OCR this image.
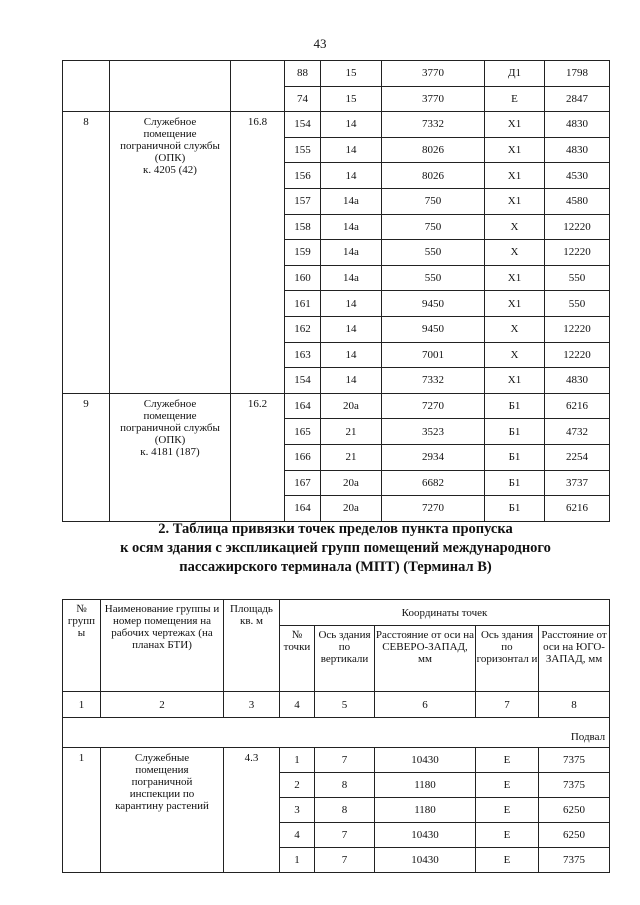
43
			88	15	3770	Д1	1798
			74	15	3770	Е	2847
8	Служебное
помещение
пограничной службы
(ОПК)
к. 4205 (42)	16.8	154	14	7332	Х1	4830
			155	14	8026	Х1	4830
			156	14	8026	Х1	4530
			157	14а	750	Х1	4580
			158	14а	750	Х	12220
			159	14а	550	Х	12220
			160	14а	550	Х1	550
			161	14	9450	Х1	550
			162	14	9450	Х	12220
			163	14	7001	Х	12220
			154	14	7332	Х1	4830
9	Служебное
помещение
пограничной службы
(ОПК)
к. 4181 (187)	16.2	164	20а	7270	Б1	6216
			165	21	3523	Б1	4732
			166	21	2934	Б1	2254
			167	20а	6682	Б1	3737
			164	20а	7270	Б1	6216
2. Таблица привязки точек пределов пункта пропуска
к осям здания с экспликацией групп помещений международного
пассажирского терминала (МПТ) (Терминал В)
№ групп ы	Наименование группы и номер помещения на рабочих чертежах (на планах БТИ)	Площадь кв. м	Координаты точек				
			№ точки	Ось здания по вертикали	Расстояние от оси на СЕВЕРО-ЗАПАД, мм	Ось здания по горизонтал и	Расстояние от оси на ЮГО-ЗАПАД, мм
1	2	3	4	5	6	7	8

Подвал							
1	Служебные
помещения
пограничной
инспекции по
карантину растений	4.3	1	7	10430	Е	7375
			2	8	1180	Е	7375
			3	8	1180	Е	6250
			4	7	10430	Е	6250
			1	7	10430	Е	7375
